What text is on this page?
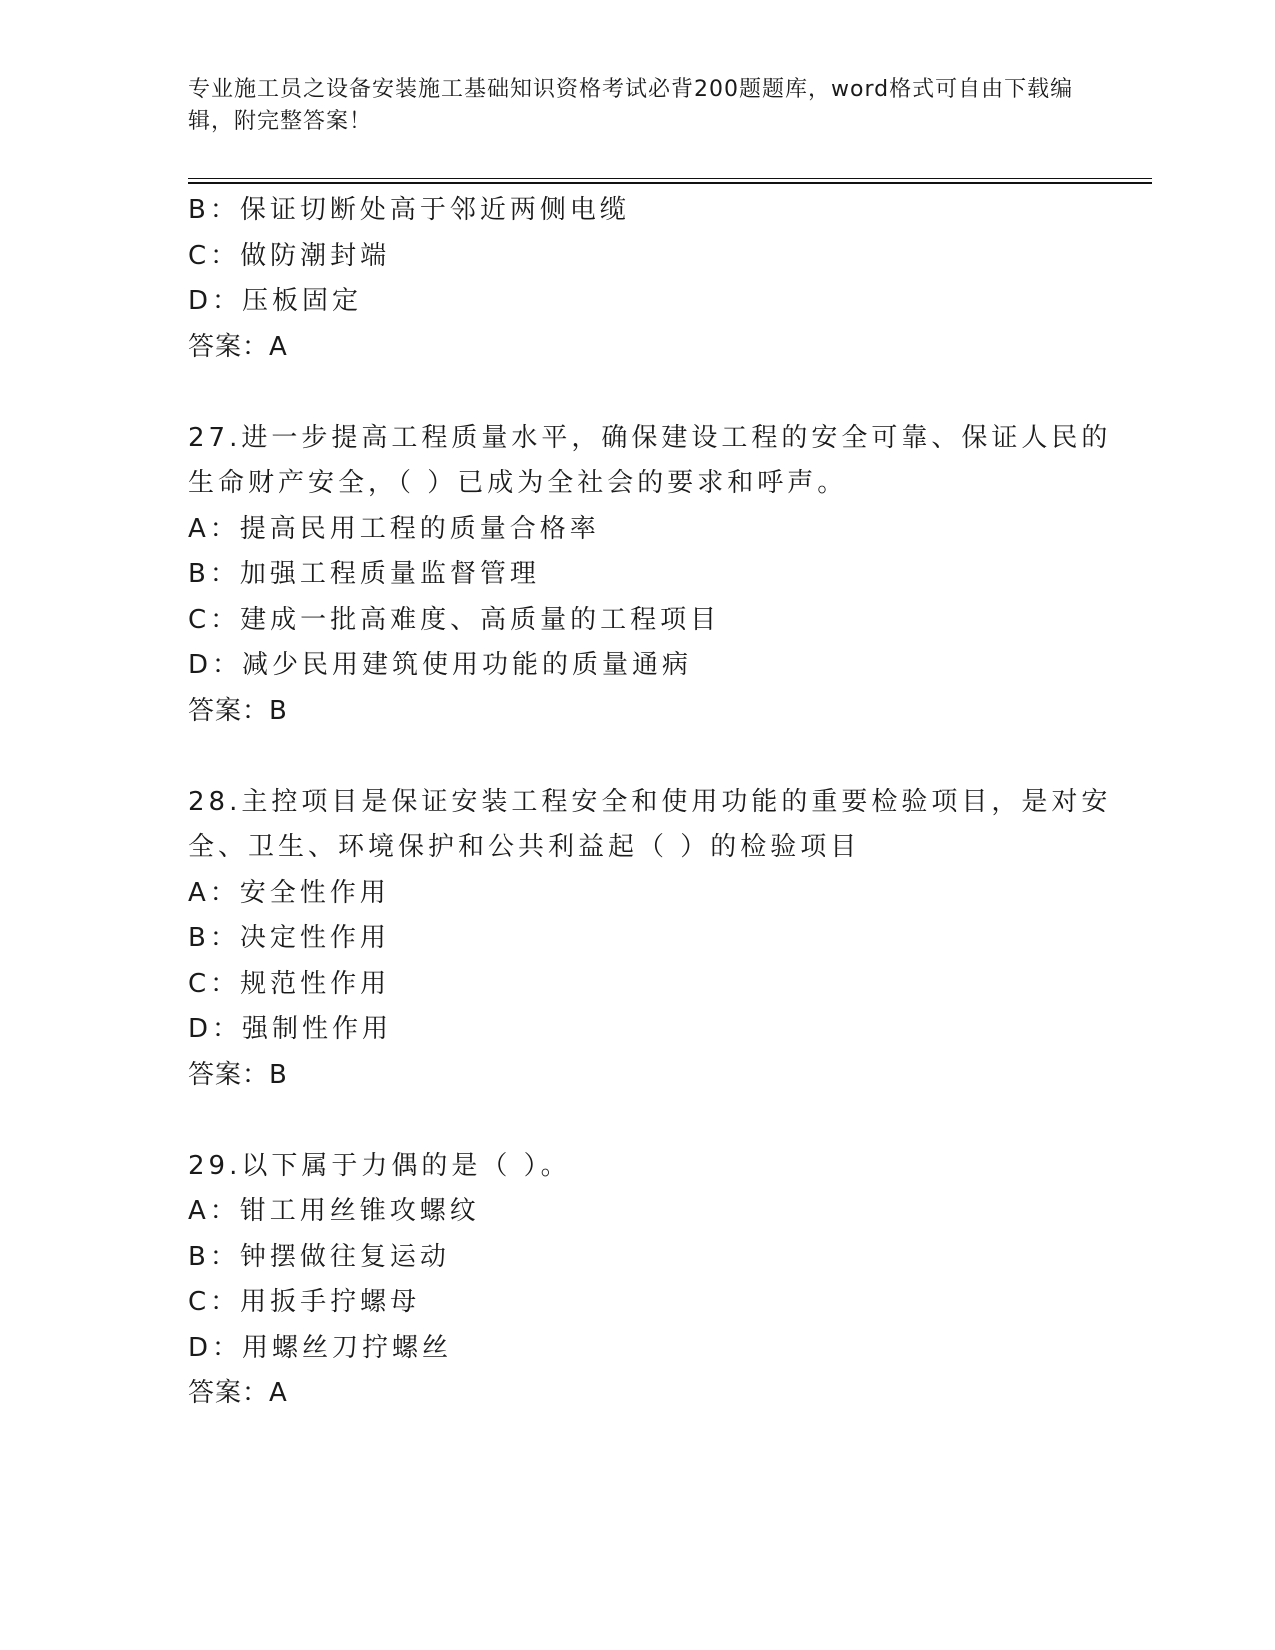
专业施工员之设备安装施工基础知识资格考试必背200题题库，word格式可自由下载编辑，附完整答案！
B：保证切断处高于邻近两侧电缆
C：做防潮封端
D：压板固定
答案：A
27.进一步提高工程质量水平，确保建设工程的安全可靠、保证人民的
生命财产安全，（ ）已成为全社会的要求和呼声。
A：提高民用工程的质量合格率
B：加强工程质量监督管理
C：建成一批高难度、高质量的工程项目
D：减少民用建筑使用功能的质量通病
答案：B
28.主控项目是保证安装工程安全和使用功能的重要检验项目，是对安
全、卫生、环境保护和公共利益起（ ）的检验项目
A：安全性作用
B：决定性作用
C：规范性作用
D：强制性作用
答案：B
29.以下属于力偶的是（ ）。
A：钳工用丝锥攻螺纹
B：钟摆做往复运动
C：用扳手拧螺母
D：用螺丝刀拧螺丝
答案：A
